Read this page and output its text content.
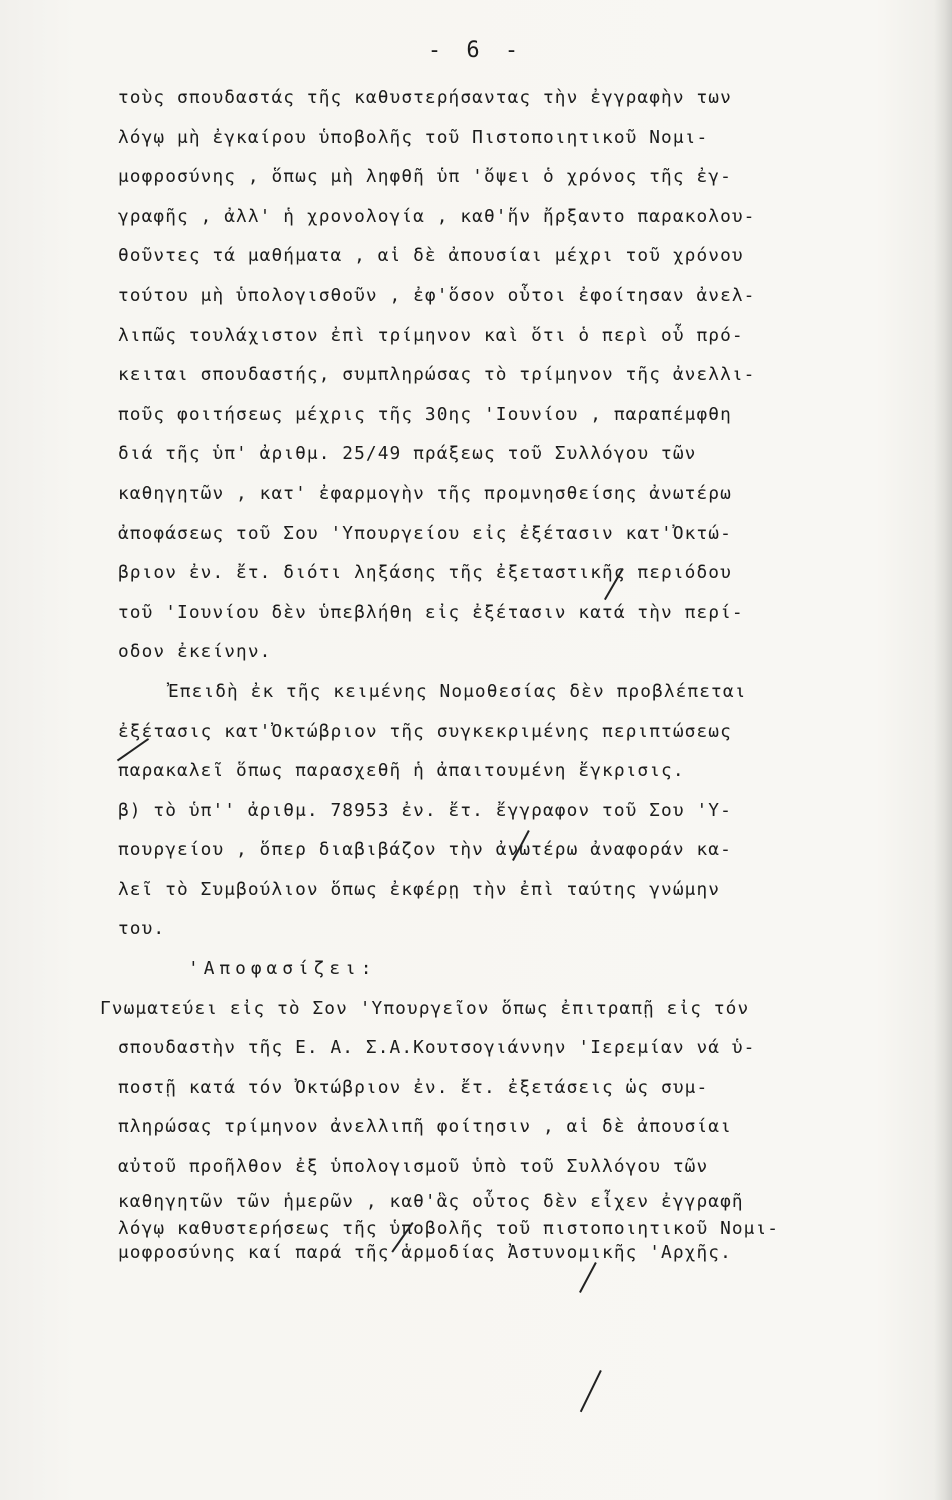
- 6 -
τοὺς σπουδαστάς τῆς καθυστερήσαντας τὴν ἐγγραφὴν των
λόγῳ μὴ ἐγκαίρου ὑποβολῆς τοῦ Πιστοποιητικοῦ Νομι-
μοφροσύνης , ὅπως μὴ ληφθῆ ὑπ 'ὄψει ὁ χρόνος τῆς ἐγ-
γραφῆς , ἀλλ' ἡ χρονολογία , καθ'ἥν ἤρξαντο παρακολου-
θοῦντες τά μαθήματα , αἱ δὲ ἀπουσίαι μέχρι τοῦ χρόνου
τούτου μὴ ὑπολογισθοῦν , ἐφ'ὅσον οὗτοι ἐφοίτησαν ἀνελ-
λιπῶς τουλάχιστον ἐπὶ τρίμηνον καὶ ὅτι ὁ περὶ οὗ πρό-
κειται σπουδαστής, συμπληρώσας τὸ τρίμηνον τῆς ἀνελλι-
ποῦς φοιτήσεως μέχρις τῆς 30ης 'Ιουνίου , παραπέμφθη
διά τῆς ὑπ' ἀριθμ. 25/49 πράξεως τοῦ Συλλόγου τῶν
καθηγητῶν , κατ' ἐφαρμογὴν τῆς προμνησθείσης ἀνωτέρω
ἀποφάσεως τοῦ Σου 'Υπουργείου εἰς ἐξέτασιν κατ'Ὀκτώ-
βριον ἐν. ἔτ. διότι ληξάσης τῆς ἐξεταστικῆς περιόδου
τοῦ 'Ιουνίου δὲν ὑπεβλήθη εἰς ἐξέτασιν κατά τὴν περί-
οδον ἐκείνην.
Ἐπειδὴ ἐκ τῆς κειμένης Νομοθεσίας δὲν προβλέπεται
ἐξέτασις κατ'Ὀκτώβριον τῆς συγκεκριμένης περιπτώσεως
παρακαλεῖ ὅπως παρασχεθῆ ἡ ἀπαιτουμένη ἔγκρισις.
β) τὸ ὑπ'' ἀριθμ. 78953 ἐν. ἔτ. ἔγγραφον τοῦ Σου 'Υ-
πουργείου , ὅπερ διαβιβάζον τὴν ἀνωτέρω ἀναφοράν κα-
λεῖ τὸ Συμβούλιον ὅπως ἐκφέρῃ τὴν ἐπὶ ταύτης γνώμην
του.
'Αποφασίζει:
Γνωματεύει εἰς τὸ Σον 'Υπουργεῖον ὅπως ἐπιτραπῇ εἰς τόν
σπουδαστὴν τῆς Ε. Α. Σ.Α.Κουτσογιάννην 'Ιερεμίαν νά ὑ-
ποστῇ κατά τόν Ὀκτώβριον ἐν. ἔτ. ἐξετάσεις ὡς συμ-
πληρώσας τρίμηνον ἀνελλιπῆ φοίτησιν , αἱ δὲ ἀπουσίαι
αὐτοῦ προῆλθον ἐξ ὑπολογισμοῦ ὑπὸ τοῦ Συλλόγου τῶν
καθηγητῶν τῶν ἡμερῶν , καθ'ἃς οὗτος δὲν εἶχεν ἐγγραφῆ
λόγῳ καθυστερήσεως τῆς ὑποβολῆς τοῦ πιστοποιητικοῦ Νομι-
μοφροσύνης καί παρά τῆς ἁρμοδίας Ἀστυνομικῆς 'Αρχῆς.
